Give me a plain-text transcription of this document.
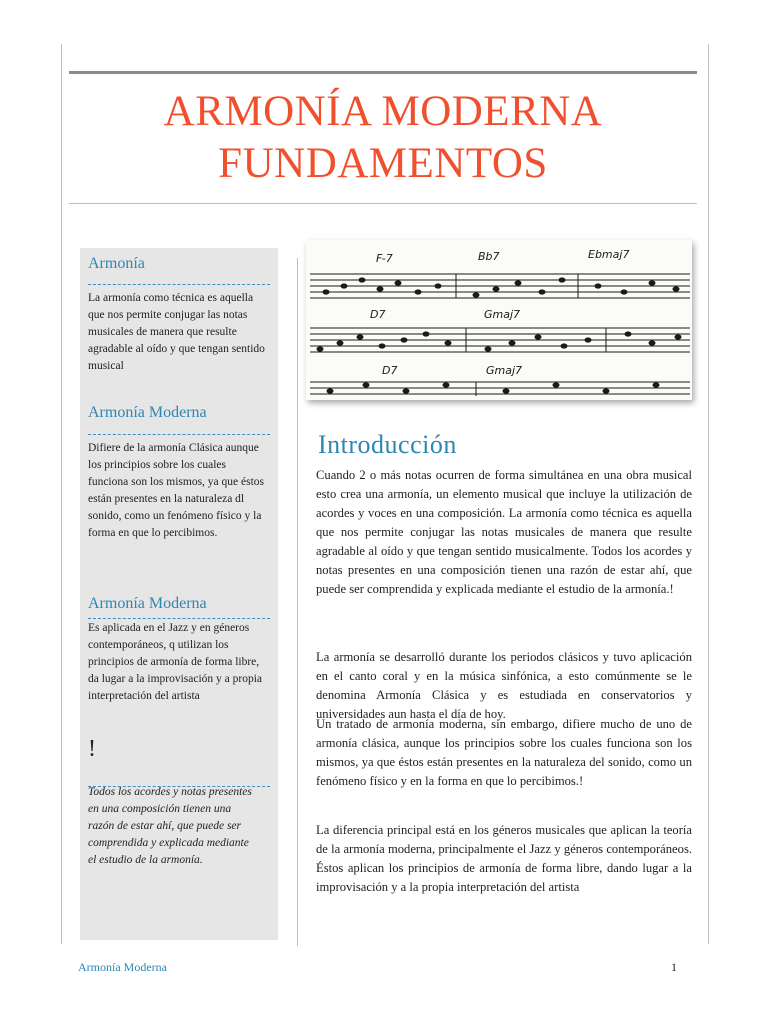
ARMONÍA MODERNA
FUNDAMENTOS
Armonía
La armonía como técnica es aquella que nos permite conjugar las notas musicales de manera que resulte agradable al oído y que tengan sentido musical
Armonía Moderna
Difiere de la armonía Clásica aunque los principios sobre los cuales funciona son los mismos, ya que éstos están presentes en la naturaleza dl sonido, como un fenómeno físico y la forma en que lo percibimos.
Armonía Moderna
Es aplicada en el Jazz y en géneros contemporáneos, q utilizan los principios de armonía de forma libre, da lugar a la improvisación y a propia interpretación del artista
!
Todos los acordes y notas presentes en una composición tienen una razón de estar ahí, que puede ser comprendida y explicada mediante el estudio de la armonía.
F-7	Bb7	Ebmaj7
D7	Gmaj7
D7	Gmaj7
Introducción
Cuando 2 o más notas ocurren de forma simultánea en una obra musical esto crea una armonía, un elemento musical que incluye la utilización de acordes y voces en una composición. La armonía como técnica es aquella que nos permite conjugar las notas musicales de manera que resulte agradable al oído y que tengan sentido musicalmente. Todos los acordes y notas presentes en una composición tienen una razón de estar ahí, que puede ser comprendida y explicada mediante el estudio de la armonía.!
La armonía se desarrolló durante los periodos clásicos y tuvo aplicación en el canto coral y en la música sinfónica, a esto comúnmente se le denomina Armonía Clásica y es estudiada en conservatorios y universidades aun hasta el día de hoy.
Un tratado de armonía moderna, sin embargo, difiere mucho de uno de armonía clásica, aunque los principios sobre los cuales funciona son los mismos, ya que éstos están presentes en la naturaleza del sonido, como un fenómeno físico y en la forma en que lo percibimos.!
La diferencia principal está en los géneros musicales que aplican la teoría de la armonía moderna, principalmente el Jazz y géneros contemporáneos. Éstos aplican los principios de armonía de forma libre, dando lugar a la improvisación y a la propia interpretación del artista
Armonía Moderna	1
